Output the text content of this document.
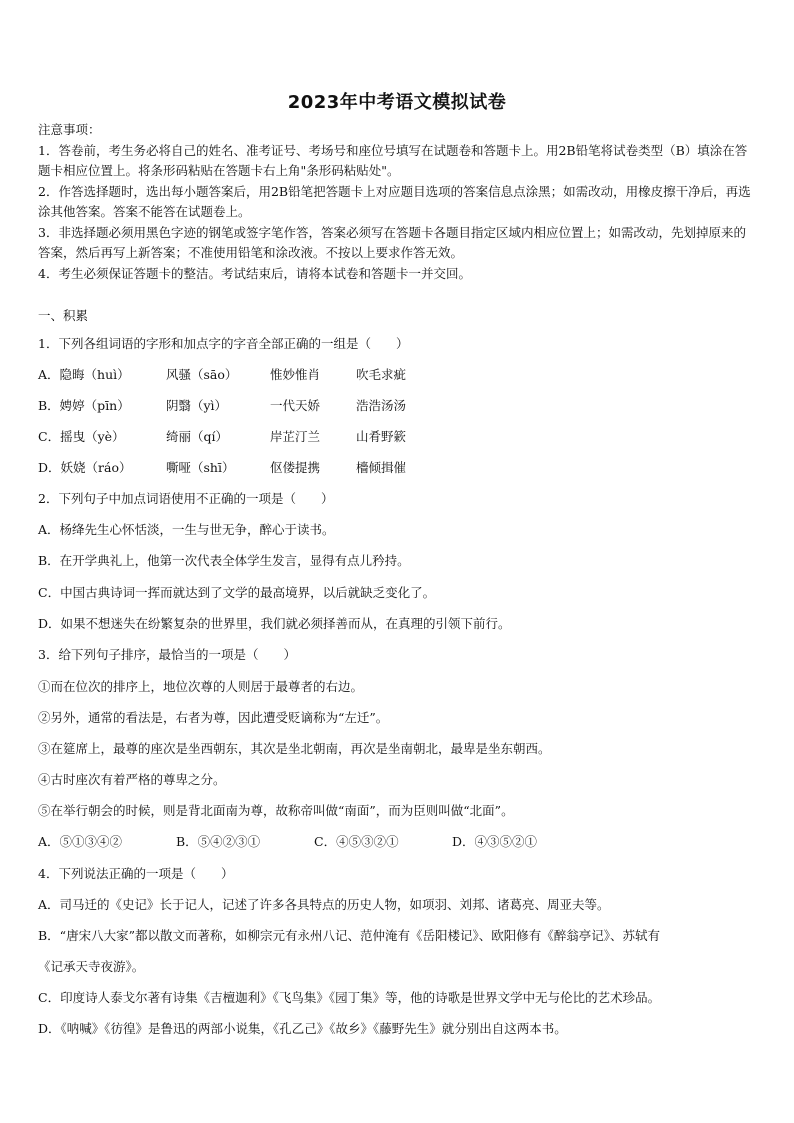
2023年中考语文模拟试卷

注意事项：

1．答卷前，考生务必将自己的姓名、准考证号、考场号和座位号填写在试题卷和答题卡上。用2B铅笔将试卷类型（B）填涂在答题卡相应位置上。将条形码粘贴在答题卡右上角"条形码粘贴处"。

2．作答选择题时，选出每小题答案后，用2B铅笔把答题卡上对应题目选项的答案信息点涂黑；如需改动，用橡皮擦干净后，再选涂其他答案。答案不能答在试题卷上。

3．非选择题必须用黑色字迹的钢笔或签字笔作答，答案必须写在答题卡各题目指定区域内相应位置上；如需改动，先划掉原来的答案，然后再写上新答案；不准使用铅笔和涂改液。不按以上要求作答无效。

4．考生必须保证答题卡的整洁。考试结束后，请将本试卷和答题卡一并交回。

一、积累
1．下列各组词语的字形和加点字的字音全部正确的一组是（　　）
A．隐晦（huì）	风骚（sāo）	惟妙惟肖	吹毛求疵
B．娉婷（pīn）	阴翳（yì）	一代天娇	浩浩汤汤
C．摇曳（yè）	绮丽（qí）	岸芷汀兰	山肴野簌
D．妖娆（ráo）	嘶哑（shī）	伛偻提携	檣倾揖催
2．下列句子中加点词语使用不正确的一项是（　　）
A．杨绛先生心怀恬淡，一生与世无争，醉心于读书。
B．在开学典礼上，他第一次代表全体学生发言，显得有点儿矜持。
C．中国古典诗词一挥而就达到了文学的最高境界，以后就缺乏变化了。
D．如果不想迷失在纷繁复杂的世界里，我们就必须择善而从，在真理的引领下前行。
3．给下列句子排序，最恰当的一项是（　　）
①而在位次的排序上，地位次尊的人则居于最尊者的右边。
②另外，通常的看法是，右者为尊，因此遭受贬谪称为“左迁”。
③在筵席上，最尊的座次是坐西朝东，其次是坐北朝南，再次是坐南朝北，最卑是坐东朝西。
④古时座次有着严格的尊卑之分。
⑤在举行朝会的时候，则是背北面南为尊，故称帝叫做“南面”，而为臣则叫做“北面”。
A．⑤①③④②	B．⑤④②③①	C．④⑤③②①	D．④③⑤②①
4．下列说法正确的一项是（　　）
A．司马迁的《史记》长于记人，记述了许多各具特点的历史人物，如项羽、刘邦、诸葛亮、周亚夫等。
B．“唐宋八大家”都以散文而著称，如柳宗元有永州八记、范仲淹有《岳阳楼记》、欧阳修有《醉翁亭记》、苏轼有
《记承天寺夜游》。
C．印度诗人泰戈尔著有诗集《吉檀迦利》《飞鸟集》《园丁集》等，他的诗歌是世界文学中无与伦比的艺术珍品。
D．《呐喊》《彷徨》是鲁迅的两部小说集，《孔乙己》《故乡》《藤野先生》就分别出自这两本书。
